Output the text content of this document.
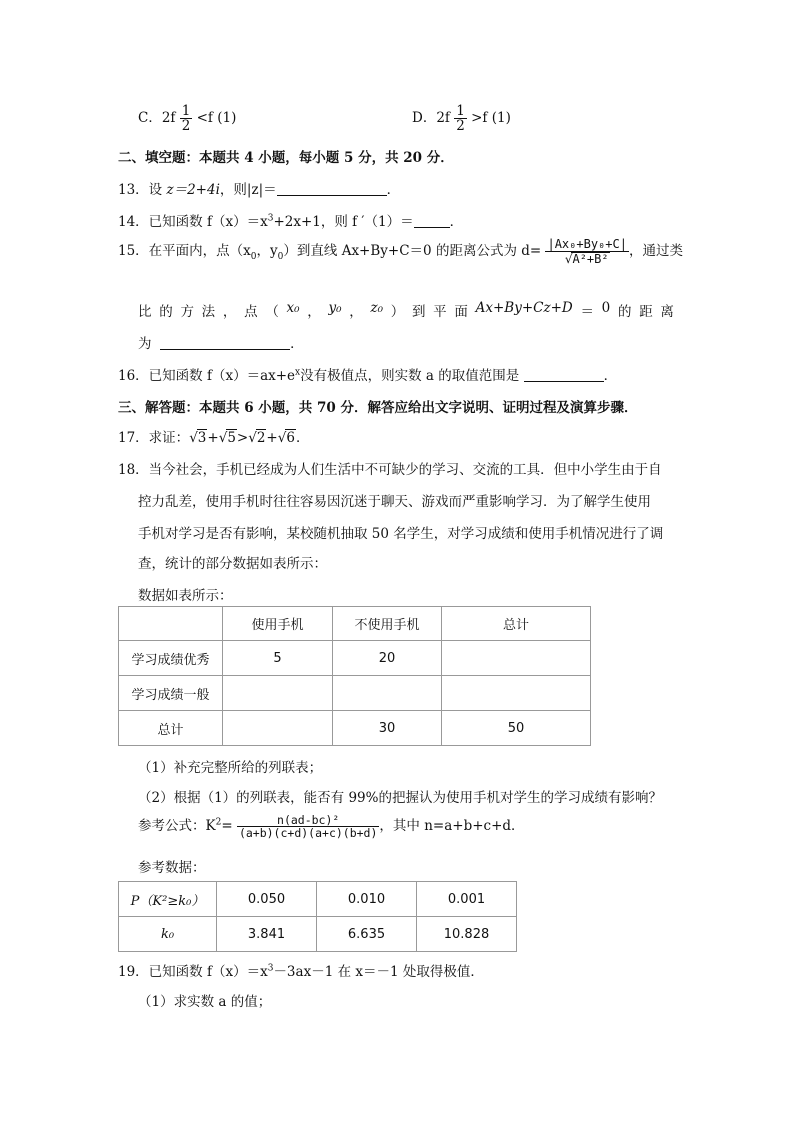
C．$2f \frac{1}{2} <f$ (1)	D．$2f \frac{1}{2} >f$ (1)
二、填空题：本题共 4 小题，每小题 5 分，共 20 分．
13．设 z＝2+4i，则|z|＝	．
14．已知函数 $f(x)=x^3+2x+1$，则 f ′（1）＝	．
15．在平面内，点（$x_0$，$y_0$）到直线 Ax+By+C＝0 的距离公式为 $d= \frac{\text{|Ax₀+By₀+C|}}{\text{√A²+B²}}$ ，通过类
比 的 方 法 ， 点 （ x₀ ， y₀ ， z₀ ） 到 平 面 Ax+By+Cz+D ＝ 0 的 距 离
为	．
16．已知函数 $f(x)=ax+e^x$没有极值点，则实数 a 的取值范围是	．
三、解答题：本题共 6 小题，共 70 分．解答应给出文字说明、证明过程及演算步骤．
17．求证：√3+√5>√2+√6．
18．当今社会，手机已经成为人们生活中不可缺少的学习、交流的工具．但中小学生由于自
控力乱差，使用手机时往往容易因沉迷于聊天、游戏而严重影响学习．为了解学生使用
手机对学习是否有影响，某校随机抽取 50 名学生，对学习成绩和使用手机情况进行了调
查，统计的部分数据如表所示：
数据如表所示：
	使用手机	不使用手机	总计
学习成绩优秀	5	20	
学习成绩一般			
总计		30	50
（1）补充完整所给的列联表；
（2）根据（1）的列联表，能否有 99%的把握认为使用手机对学生的学习成绩有影响？
参考公式：$K^2= \frac{\text{n(ad-bc)²}}{(a+b)(c+d)(a+c)(b+d)}$ ，其中 n=a+b+c+d．
参考数据：
P（K²≥k₀）	0.050	0.010	0.001
k₀	3.841	6.635	10.828
19．已知函数 $f(x)=x^3-3ax-1$ 在 x＝－1 处取得极值．
（1）求实数 a 的值；
